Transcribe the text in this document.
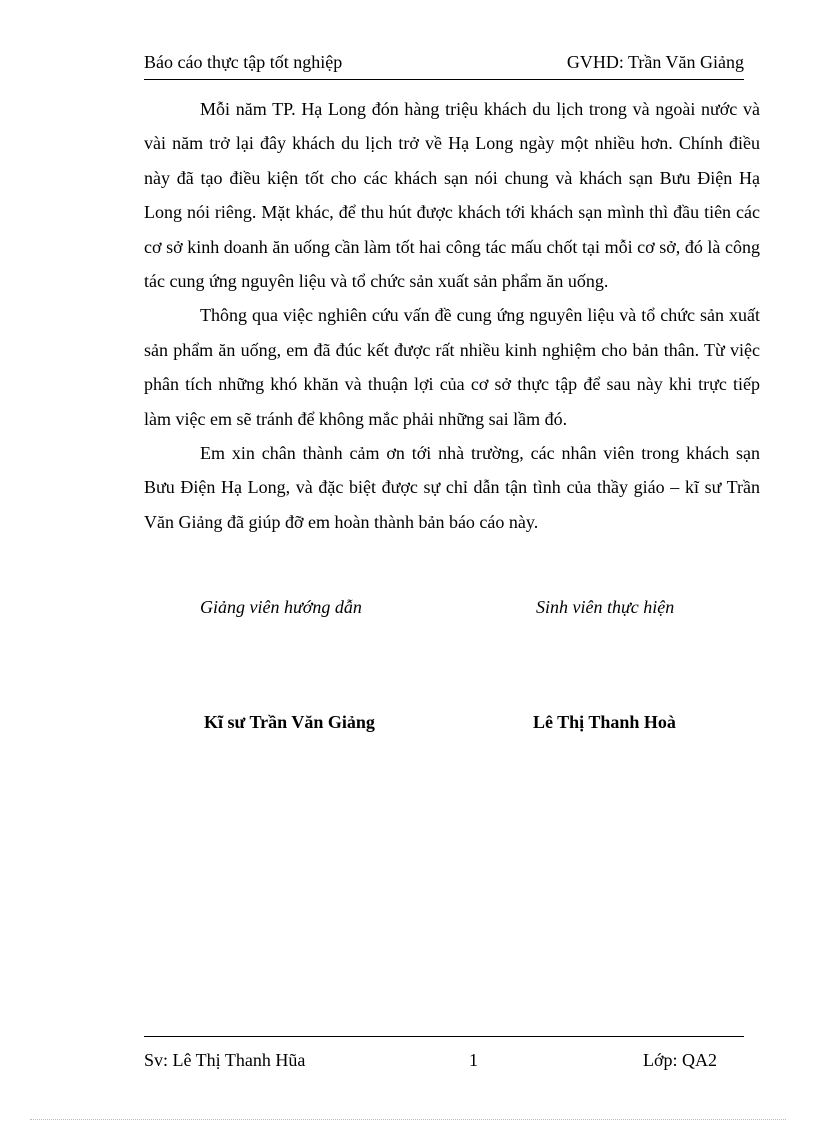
Báo cáo thực tập tốt nghiệp	GVHD: Trần Văn Giảng

Mỗi năm TP. Hạ Long đón hàng triệu khách du lịch trong và ngoài nước và vài năm trở lại đây khách du lịch trở về Hạ Long ngày một nhiều hơn. Chính điều này đã tạo điều kiện tốt cho các khách sạn nói chung và khách sạn Bưu Điện Hạ Long nói riêng. Mặt khác, để thu hút được khách tới khách sạn mình thì đầu tiên các cơ sở kinh doanh ăn uống cần làm tốt hai công tác mấu chốt tại mỗi cơ sở, đó là công tác cung ứng nguyên liệu và tổ chức sản xuất sản phẩm ăn uống.

Thông qua việc nghiên cứu vấn đề cung ứng nguyên liệu và tổ chức sản xuất sản phẩm ăn uống, em đã đúc kết được rất nhiều kinh nghiệm cho bản thân. Từ việc phân tích những khó khăn và thuận lợi của cơ sở thực tập để sau này khi trực tiếp làm việc em sẽ tránh để không mắc phải những sai lầm đó.

Em xin chân thành cảm ơn tới nhà trường, các nhân viên trong khách sạn Bưu Điện Hạ Long, và đặc biệt được sự chỉ dẫn tận tình của thầy giáo – kĩ sư Trần Văn Giảng đã giúp đỡ em hoàn thành bản báo cáo này.

Giảng viên hướng dẫn	Sinh viên thực hiện
Kĩ sư Trần Văn Giảng	Lê Thị Thanh Hoà
Sv: Lê Thị Thanh Hũa	1	Lớp: QA2
